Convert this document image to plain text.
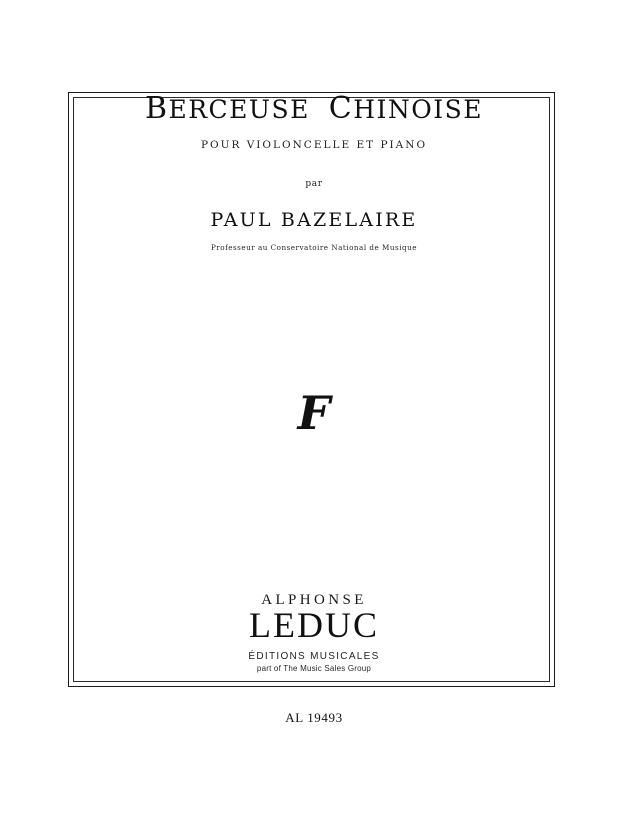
BERCEUSE  CHINOISE
POUR VIOLONCELLE ET PIANO
par
PAUL BAZELAIRE
Professeur au Conservatoire National de Musique
F
ALPHONSE
LEDUC
ÉDITIONS MUSICALES
part of The Music Sales Group
AL 19493
